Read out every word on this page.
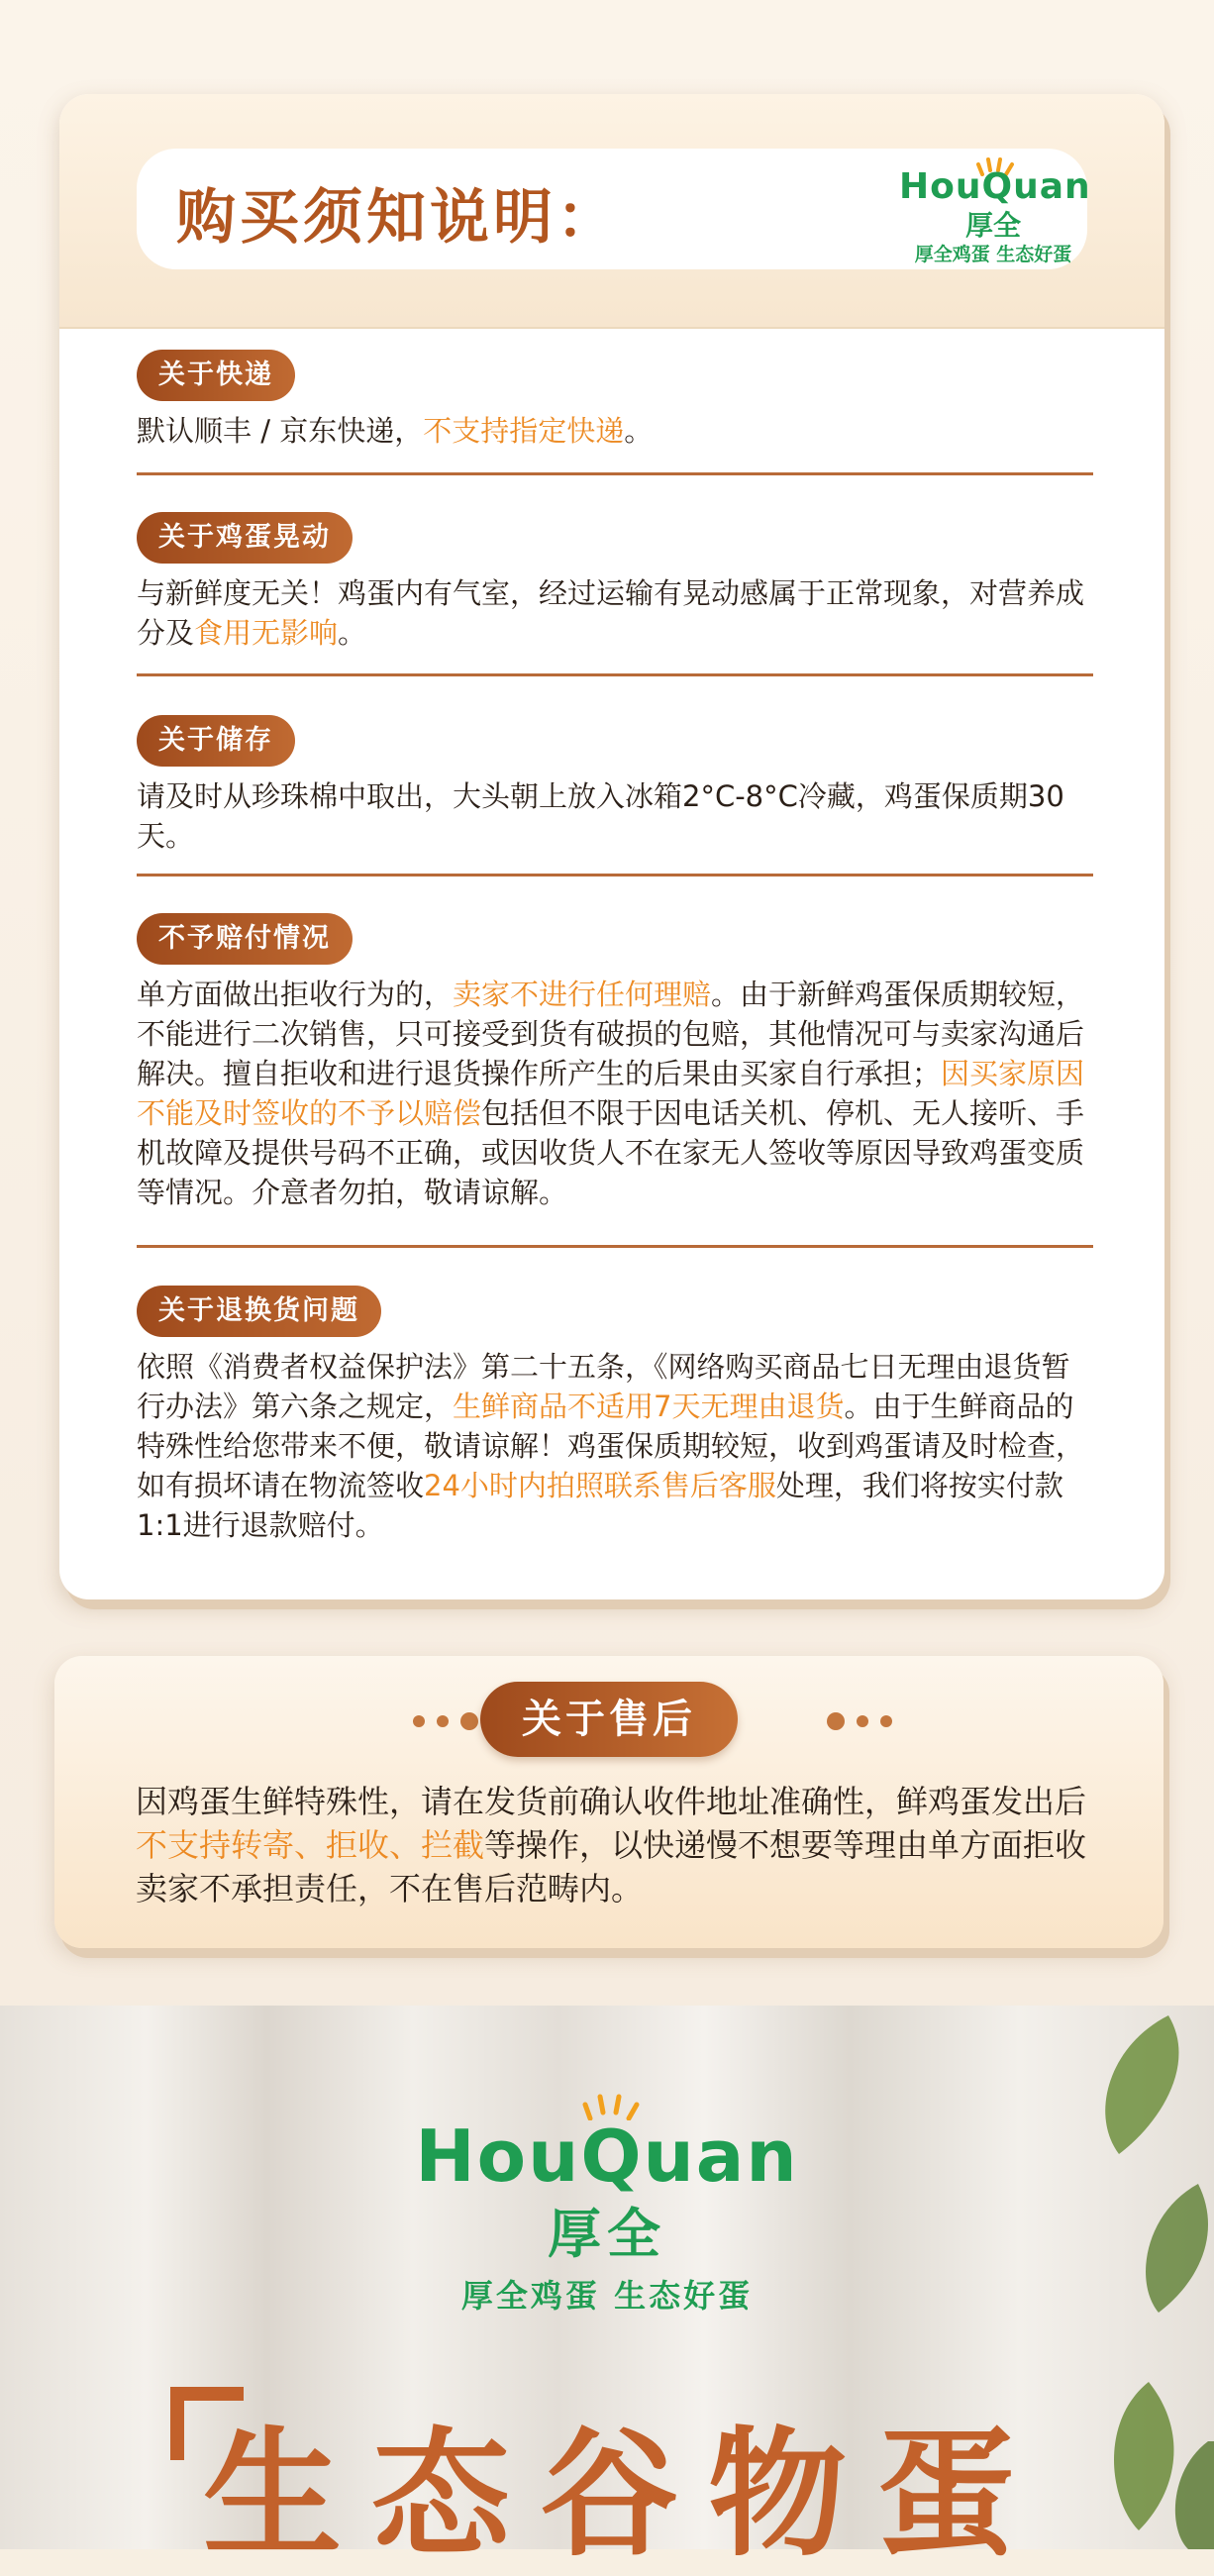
购买须知说明：	HouQuan
厚全
厚全鸡蛋 生态好蛋
关于快递
默认顺丰 / 京东快递，不支持指定快递。
关于鸡蛋晃动
与新鲜度无关！鸡蛋内有气室，经过运输有晃动感属于正常现象，对营养成分及食用无影响。
关于储存
请及时从珍珠棉中取出，大头朝上放入冰箱2°C-8°C冷藏，鸡蛋保质期30天。
不予赔付情况
单方面做出拒收行为的，卖家不进行任何理赔。由于新鲜鸡蛋保质期较短，不能进行二次销售，只可接受到货有破损的包赔，其他情况可与卖家沟通后解决。擅自拒收和进行退货操作所产生的后果由买家自行承担；因买家原因不能及时签收的不予以赔偿包括但不限于因电话关机、停机、无人接听、手机故障及提供号码不正确，或因收货人不在家无人签收等原因导致鸡蛋变质等情况。介意者勿拍，敬请谅解。
关于退换货问题
依照《消费者权益保护法》第二十五条，《网络购买商品七日无理由退货暂行办法》第六条之规定，生鲜商品不适用7天无理由退货。由于生鲜商品的特殊性给您带来不便，敬请谅解！鸡蛋保质期较短，收到鸡蛋请及时检查，如有损坏请在物流签收24小时内拍照联系售后客服处理，我们将按实付款1:1进行退款赔付。
关于售后
因鸡蛋生鲜特殊性，请在发货前确认收件地址准确性，鲜鸡蛋发出后不支持转寄、拒收、拦截等操作，以快递慢不想要等理由单方面拒收卖家不承担责任，不在售后范畴内。
HouQuan
厚全
厚全鸡蛋 生态好蛋
生态谷物蛋
